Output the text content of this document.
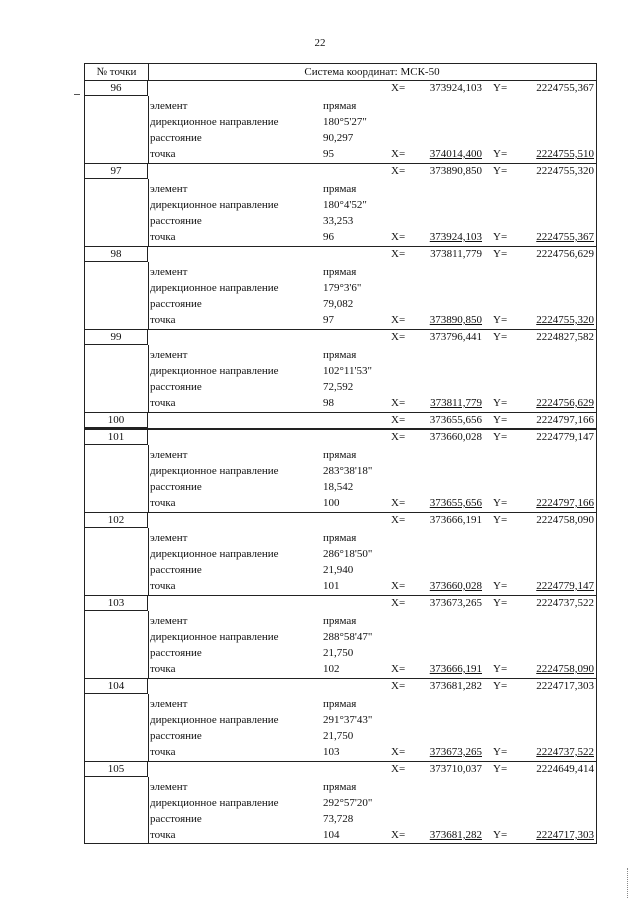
22
№ точки	Система координат: МСК-50
96	X=	373924,103 Y=	2224755,367
элемент	прямая
дирекционное направление	180°5'27"
расстояние	90,297
точка	95	X=	374014,400 Y=	2224755,510
97	X=	373890,850 Y=	2224755,320
элемент	прямая
дирекционное направление	180°4'52"
расстояние	33,253
точка	96	X=	373924,103 Y=	2224755,367
98	X=	373811,779 Y=	2224756,629
элемент	прямая
дирекционное направление	179°3'6"
расстояние	79,082
точка	97	X=	373890,850 Y=	2224755,320
99	X=	373796,441 Y=	2224827,582
элемент	прямая
дирекционное направление	102°11'53"
расстояние	72,592
точка	98	X=	373811,779 Y=	2224756,629
100	X=	373655,656 Y=	2224797,166
101	X=	373660,028 Y=	2224779,147
элемент	прямая
дирекционное направление	283°38'18"
расстояние	18,542
точка	100	X=	373655,656 Y=	2224797,166
102	X=	373666,191 Y=	2224758,090
элемент	прямая
дирекционное направление	286°18'50"
расстояние	21,940
точка	101	X=	373660,028 Y=	2224779,147
103	X=	373673,265 Y=	2224737,522
элемент	прямая
дирекционное направление	288°58'47"
расстояние	21,750
точка	102	X=	373666,191 Y=	2224758,090
104	X=	373681,282 Y=	2224717,303
элемент	прямая
дирекционное направление	291°37'43"
расстояние	21,750
точка	103	X=	373673,265 Y=	2224737,522
105	X=	373710,037 Y=	2224649,414
элемент	прямая
дирекционное направление	292°57'20"
расстояние	73,728
точка	104	X=	373681,282 Y=	2224717,303
